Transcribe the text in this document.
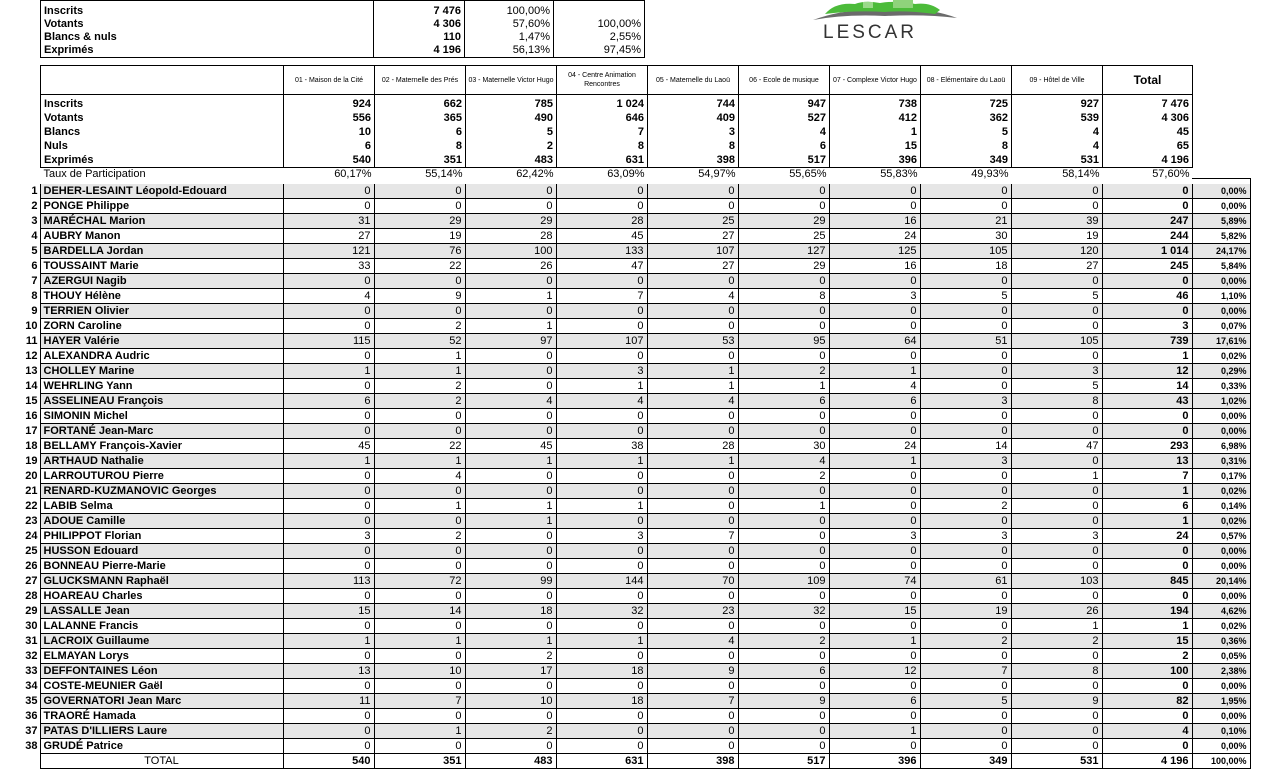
Inscrits	7 476	100,00%	
Votants	4 306	57,60%	100,00%
Blancs & nuls	110	1,47%	2,55%
Exprimés	4 196	56,13%	97,45%
LESCAR
	01 - Maison de la Cité	02 - Maternelle des Prés	03 - Maternelle Victor Hugo	04 - Centre Animation Rencontres	05 - Maternelle du Laoü	06 - Ecole de musique	07 - Complexe Victor Hugo	08 - Elémentaire du Laoü	09 - Hôtel de Ville	Total

Inscrits	924	662	785	1 024	744	947	738	725	927	7 476
Votants	556	365	490	646	409	527	412	362	539	4 306
Blancs	10	6	5	7	3	4	1	5	4	45
Nuls	6	8	2	8	8	6	15	8	4	65
Exprimés	540	351	483	631	398	517	396	349	531	4 196
Taux de Participation	60,17%	55,14%	62,42%	63,09%	54,97%	55,65%	55,83%	49,93%	58,14%	57,60%

1	DEHER-LESAINT Léopold-Edouard	0	0	0	0	0	0	0	0	0	0	0,00%
2	PONGE Philippe	0	0	0	0	0	0	0	0	0	0	0,00%
3	MARÉCHAL Marion	31	29	29	28	25	29	16	21	39	247	5,89%
4	AUBRY Manon	27	19	28	45	27	25	24	30	19	244	5,82%
5	BARDELLA Jordan	121	76	100	133	107	127	125	105	120	1 014	24,17%
6	TOUSSAINT Marie	33	22	26	47	27	29	16	18	27	245	5,84%
7	AZERGUI Nagib	0	0	0	0	0	0	0	0	0	0	0,00%
8	THOUY Hélène	4	9	1	7	4	8	3	5	5	46	1,10%
9	TERRIEN Olivier	0	0	0	0	0	0	0	0	0	0	0,00%
10	ZORN Caroline	0	2	1	0	0	0	0	0	0	3	0,07%
11	HAYER Valérie	115	52	97	107	53	95	64	51	105	739	17,61%
12	ALEXANDRA Audric	0	1	0	0	0	0	0	0	0	1	0,02%
13	CHOLLEY Marine	1	1	0	3	1	2	1	0	3	12	0,29%
14	WEHRLING Yann	0	2	0	1	1	1	4	0	5	14	0,33%
15	ASSELINEAU François	6	2	4	4	4	6	6	3	8	43	1,02%
16	SIMONIN Michel	0	0	0	0	0	0	0	0	0	0	0,00%
17	FORTANÉ Jean-Marc	0	0	0	0	0	0	0	0	0	0	0,00%
18	BELLAMY François-Xavier	45	22	45	38	28	30	24	14	47	293	6,98%
19	ARTHAUD Nathalie	1	1	1	1	1	4	1	3	0	13	0,31%
20	LARROUTUROU Pierre	0	4	0	0	0	2	0	0	1	7	0,17%
21	RENARD-KUZMANOVIC Georges	0	0	0	0	0	0	0	0	0	1	0,02%
22	LABIB Selma	0	1	1	1	0	1	0	2	0	6	0,14%
23	ADOUE Camille	0	0	1	0	0	0	0	0	0	1	0,02%
24	PHILIPPOT Florian	3	2	0	3	7	0	3	3	3	24	0,57%
25	HUSSON Edouard	0	0	0	0	0	0	0	0	0	0	0,00%
26	BONNEAU Pierre-Marie	0	0	0	0	0	0	0	0	0	0	0,00%
27	GLUCKSMANN Raphaël	113	72	99	144	70	109	74	61	103	845	20,14%
28	HOAREAU Charles	0	0	0	0	0	0	0	0	0	0	0,00%
29	LASSALLE Jean	15	14	18	32	23	32	15	19	26	194	4,62%
30	LALANNE Francis	0	0	0	0	0	0	0	0	1	1	0,02%
31	LACROIX Guillaume	1	1	1	1	4	2	1	2	2	15	0,36%
32	ELMAYAN Lorys	0	0	2	0	0	0	0	0	0	2	0,05%
33	DEFFONTAINES Léon	13	10	17	18	9	6	12	7	8	100	2,38%
34	COSTE-MEUNIER Gaël	0	0	0	0	0	0	0	0	0	0	0,00%
35	GOVERNATORI Jean Marc	11	7	10	18	7	9	6	5	9	82	1,95%
36	TRAORÉ Hamada	0	0	0	0	0	0	0	0	0	0	0,00%
37	PATAS D'ILLIERS Laure	0	1	2	0	0	0	1	0	0	4	0,10%
38	GRUDÉ Patrice	0	0	0	0	0	0	0	0	0	0	0,00%
	TOTAL	540	351	483	631	398	517	396	349	531	4 196	100,00%
